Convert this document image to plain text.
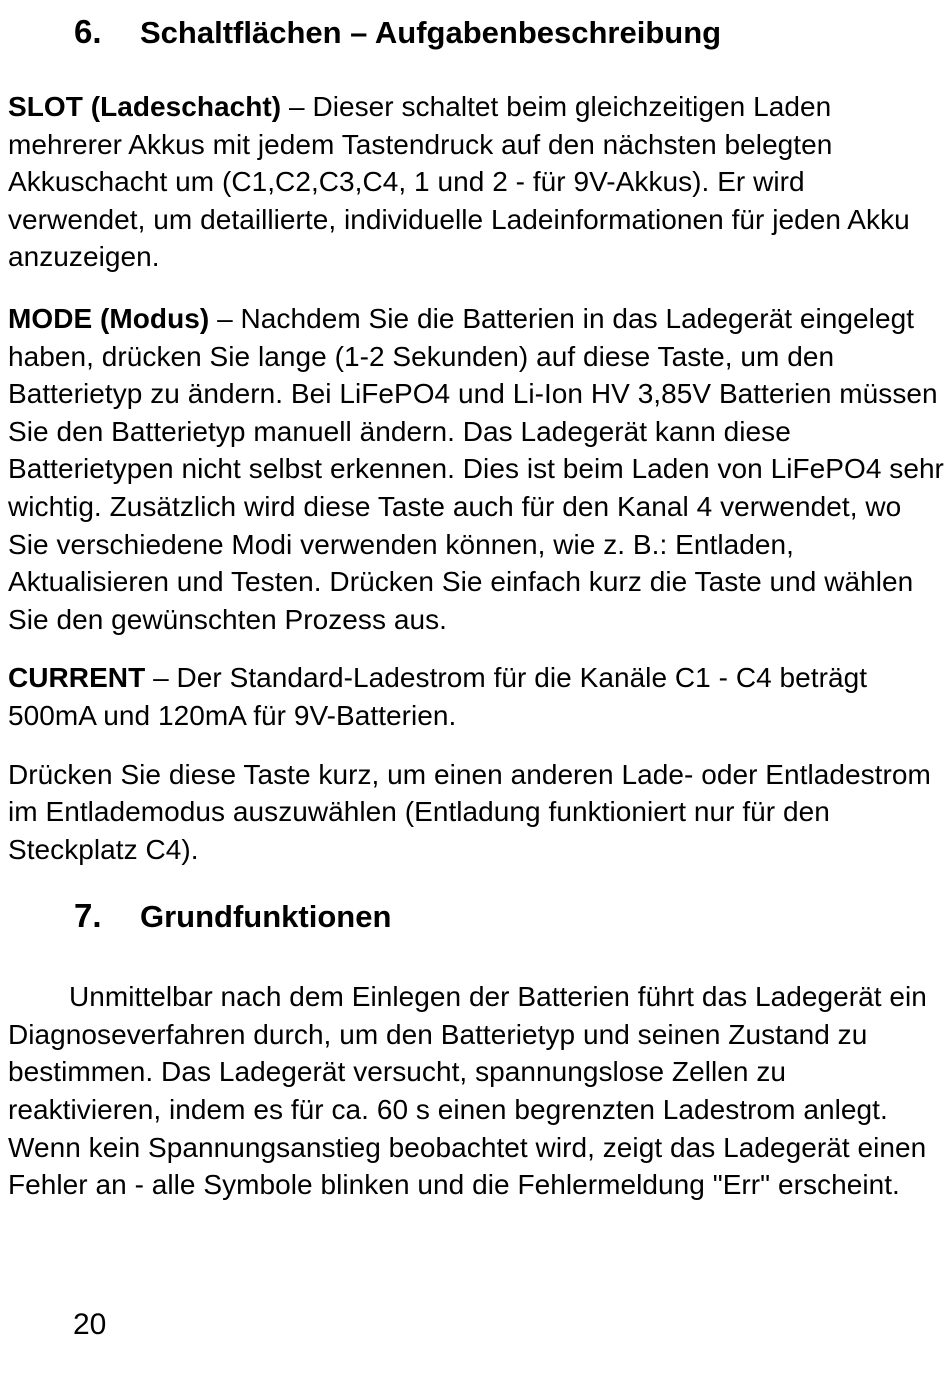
6.	Schaltflächen – Aufgabenbeschreibung

SLOT (Ladeschacht) – Dieser schaltet beim gleichzeitigen Laden mehrerer Akkus mit jedem Tastendruck auf den nächsten belegten Akkuschacht um (C1,C2,C3,C4, 1 und 2 - für 9V-Akkus). Er wird verwendet, um detaillierte, individuelle Ladeinformationen für jeden Akku anzuzeigen.

MODE (Modus) – Nachdem Sie die Batterien in das Ladegerät eingelegt haben, drücken Sie lange (1-2 Sekunden) auf diese Taste, um den Batterietyp zu ändern. Bei LiFePO4 und Li-Ion HV 3,85V Batterien müssen Sie den Batterietyp manuell ändern. Das Ladegerät kann diese Batterietypen nicht selbst erkennen. Dies ist beim Laden von LiFePO4 sehr wichtig. Zusätzlich wird diese Taste auch für den Kanal 4 verwendet, wo Sie verschiedene Modi verwenden können, wie z. B.: Entladen, Aktualisieren und Testen. Drücken Sie einfach kurz die Taste und wählen Sie den gewünschten Prozess aus.

CURRENT – Der Standard-Ladestrom für die Kanäle C1 - C4 beträgt 500mA und 120mA für 9V-Batterien.

Drücken Sie diese Taste kurz, um einen anderen Lade- oder Entladestrom im Entlademodus auszuwählen (Entladung funktioniert nur für den Steckplatz C4).

7.	Grundfunktionen

Unmittelbar nach dem Einlegen der Batterien führt das Ladegerät ein Diagnoseverfahren durch, um den Batterietyp und seinen Zustand zu bestimmen. Das Ladegerät versucht, spannungslose Zellen zu reaktivieren, indem es für ca. 60 s einen begrenzten Ladestrom anlegt. Wenn kein Spannungsanstieg beobachtet wird, zeigt das Ladegerät einen Fehler an - alle Symbole blinken und die Fehlermeldung "Err" erscheint.

20
